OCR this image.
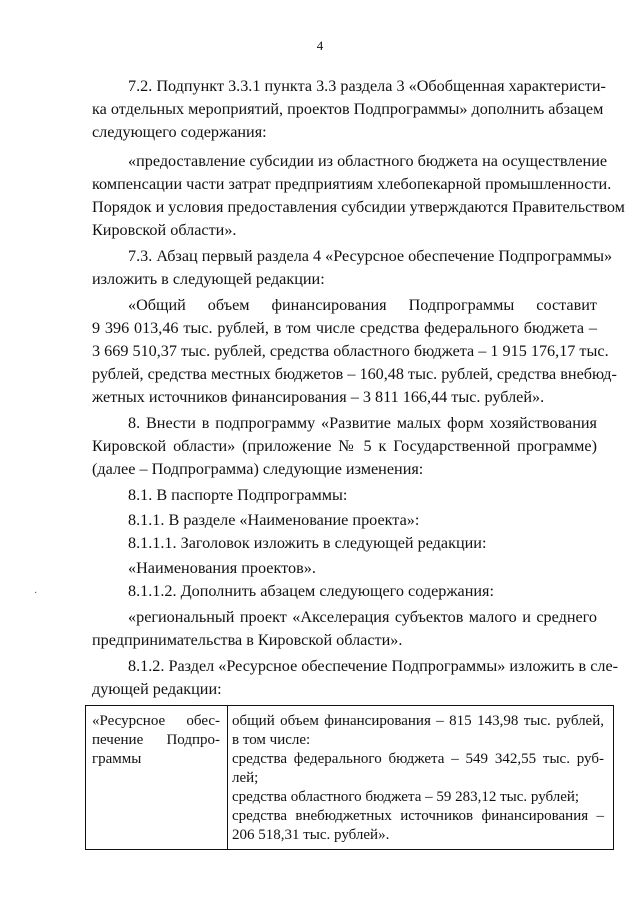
4
7.2. Подпункт 3.3.1 пункта 3.3 раздела 3 «Обобщенная характеристи-
ка отдельных мероприятий, проектов Подпрограммы» дополнить абзацем
следующего содержания:
«предоставление субсидии из областного бюджета на осуществление
компенсации части затрат предприятиям хлебопекарной промышленности.
Порядок и условия предоставления субсидии утверждаются Правительством
Кировской области».
7.3. Абзац первый раздела 4 «Ресурсное обеспечение Подпрограммы»
изложить в следующей редакции:
«Общий объем финансирования Подпрограммы составит
9 396 013,46 тыс. рублей, в том числе средства федерального бюджета –
3 669 510,37 тыс. рублей, средства областного бюджета – 1 915 176,17 тыс.
рублей, средства местных бюджетов – 160,48 тыс. рублей, средства внебюд-
жетных источников финансирования – 3 811 166,44 тыс. рублей».
8. Внести в подпрограмму «Развитие малых форм хозяйствования
Кировской области» (приложение № 5 к Государственной программе)
(далее – Подпрограмма) следующие изменения:
8.1. В паспорте Подпрограммы:
8.1.1. В разделе «Наименование проекта»:
8.1.1.1. Заголовок изложить в следующей редакции:
«Наименования проектов».
8.1.1.2. Дополнить абзацем следующего содержания:
«региональный проект «Акселерация субъектов малого и среднего
предпринимательства в Кировской области».
8.1.2. Раздел «Ресурсное обеспечение Подпрограммы» изложить в сле-
дующей редакции:
«Ресурсное обес-
печение Подпро-
граммы
общий объем финансирования – 815 143,98 тыс. рублей,
в том числе:
средства федерального бюджета – 549 342,55 тыс. руб-
лей;
средства областного бюджета – 59 283,12 тыс. рублей;
средства внебюджетных источников финансирования –
206 518,31 тыс. рублей».
·
